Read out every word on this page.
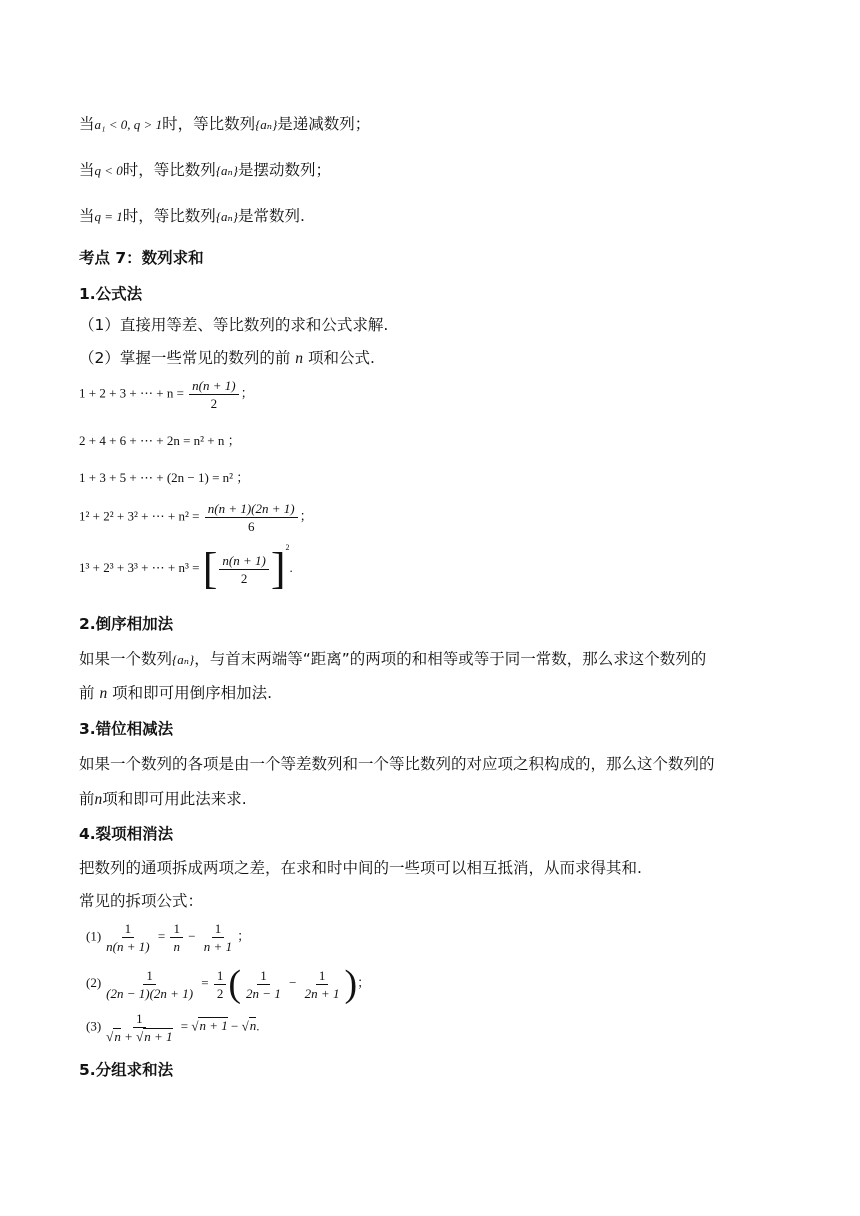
当a₁ < 0, q > 1时，等比数列{aₙ}是递减数列；
当q < 0时，等比数列{aₙ}是摆动数列；
当q = 1时，等比数列{aₙ}是常数列.
考点 7：数列求和
1.公式法
（1）直接用等差、等比数列的求和公式求解.
（2）掌握一些常见的数列的前 n 项和公式.
1 + 2 + 3 + ⋯ + $n = \frac{n(n + 1)}{2}$ ；
2 + 4 + 6 + ⋯ + 2n = n² + n ；
1 + 3 + 5 + ⋯ + (2n − 1) = n² ；
1² + 2² + 3² + ⋯ + $n^2 = \frac{n(n + 1)(2n + 1)}{6}$ ；
1³ + 2³ + 3³ + ⋯ + n³ = [ $\frac{n(n + 1)}{2} ]^2$.
2.倒序相加法
如果一个数列{aₙ}，与首末两端等“距离”的两项的和相等或等于同一常数，那么求这个数列的
前 n 项和即可用倒序相加法.
3.错位相减法
如果一个数列的各项是由一个等差数列和一个等比数列的对应项之积构成的，那么这个数列的
前n项和即可用此法来求.
4.裂项相消法
把数列的通项拆成两项之差，在求和时中间的一些项可以相互抵消，从而求得其和.
常见的拆项公式：
$(1) \frac{1}{n(n + 1)} = \frac{1}{n} - \frac{1}{n + 1}$ ；
$(2) \frac{1}{(2n - 1)(2n + 1)} = \frac{1}{2}$ ( $\frac{1}{2n - 1} - \frac{1}{2n + 1}$ )；
$(3) \frac{1}{√n + √n + 1} = √n + 1 - √n$.
5.分组求和法
